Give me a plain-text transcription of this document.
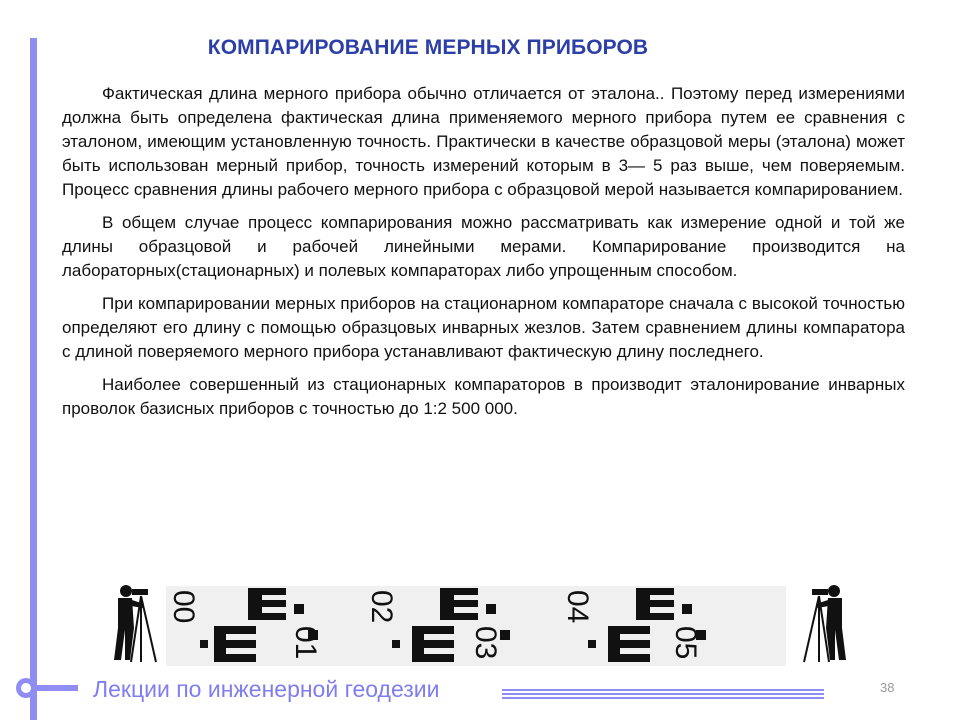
КОМПАРИРОВАНИЕ МЕРНЫХ ПРИБОРОВ

Фактическая длина мерного прибора обычно отличается от эталона.. Поэтому перед измерениями должна быть определена фактическая длина применяемого мерного прибора путем ее сравнения с эталоном, имеющим установленную точность. Практически в качестве образцовой меры (эталона) может быть использован мерный прибор, точность измерений которым в 3— 5 раз выше, чем поверяемым. Процесс сравнения длины рабочего мерного прибора с образцовой мерой называется компарированием.

В общем случае процесс компарирования можно рассматривать как измерение одной и той же длины образцовой и рабочей линейными мерами. Компарирование производится на лабораторных(стационарных) и полевых компараторах либо упрощенным способом.

При компарировании мерных приборов на стационарном компараторе сначала с высокой точностью определяют его длину с помощью образцовых инварных жезлов. Затем сравнением длины компаратора с длиной поверяемого мерного прибора устанавливают фактическую длину последнего.

Наиболее совершенный из стационарных компараторов в производит эталонирование инварных проволок базисных приборов с точностью до 1:2 500 000.

00
01
02
03
04
05

Лекции по инженерной геодезии	38
